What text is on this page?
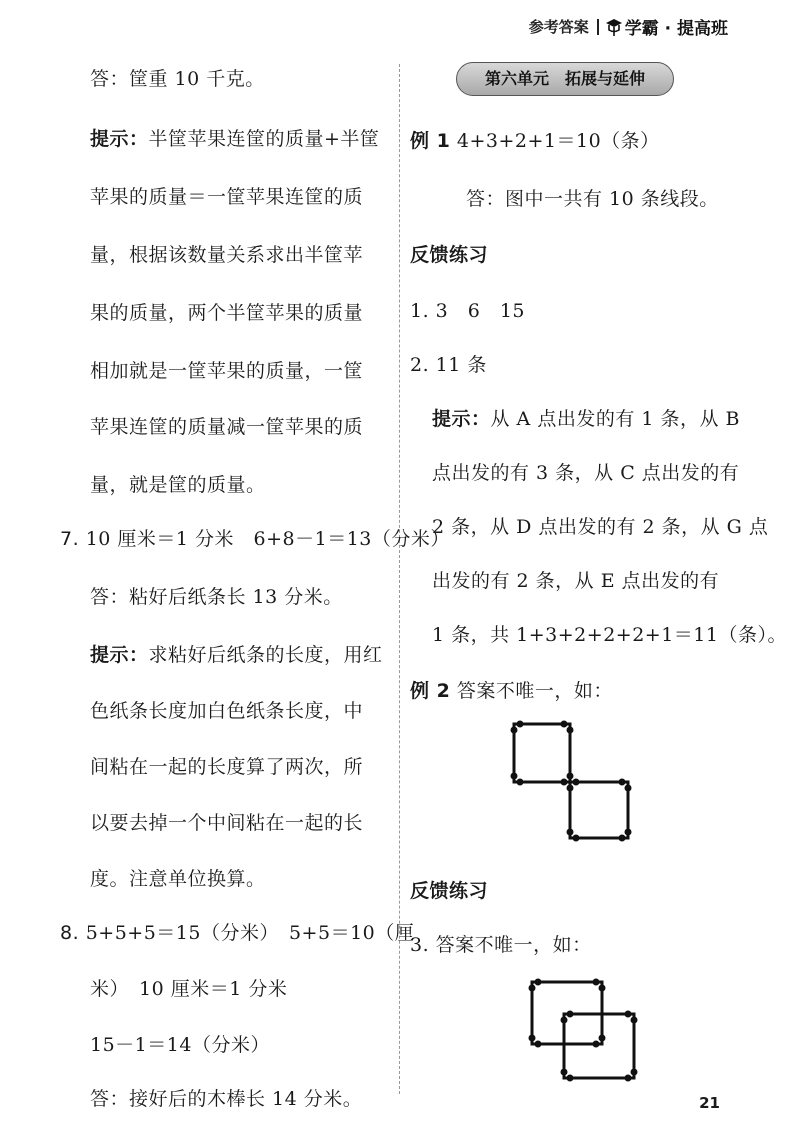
参考答案 学霸 · 提高班
答：筐重 10 千克。
提示：半筐苹果连筐的质量+半筐
苹果的质量＝一筐苹果连筐的质
量，根据该数量关系求出半筐苹
果的质量，两个半筐苹果的质量
相加就是一筐苹果的质量，一筐
苹果连筐的质量减一筐苹果的质
量，就是筐的质量。
7. 10 厘米＝1 分米　6+8－1＝13（分米）
答：粘好后纸条长 13 分米。
提示：求粘好后纸条的长度，用红
色纸条长度加白色纸条长度，中
间粘在一起的长度算了两次，所
以要去掉一个中间粘在一起的长
度。注意单位换算。
8. 5+5+5＝15（分米）　5+5＝10（厘
米）　10 厘米＝1 分米
15－1＝14（分米）
答：接好后的木棒长 14 分米。
第六单元　拓展与延伸
例 1 4+3+2+1＝10（条）
答：图中一共有 10 条线段。
反馈练习
1. 3　6　15
2. 11 条
提示：从 A 点出发的有 1 条，从 B
点出发的有 3 条，从 C 点出发的有
2 条，从 D 点出发的有 2 条，从 G 点
出发的有 2 条，从 E 点出发的有
1 条，共 1+3+2+2+2+1＝11（条）。
例 2 答案不唯一，如：
反馈练习
3. 答案不唯一，如：
21
